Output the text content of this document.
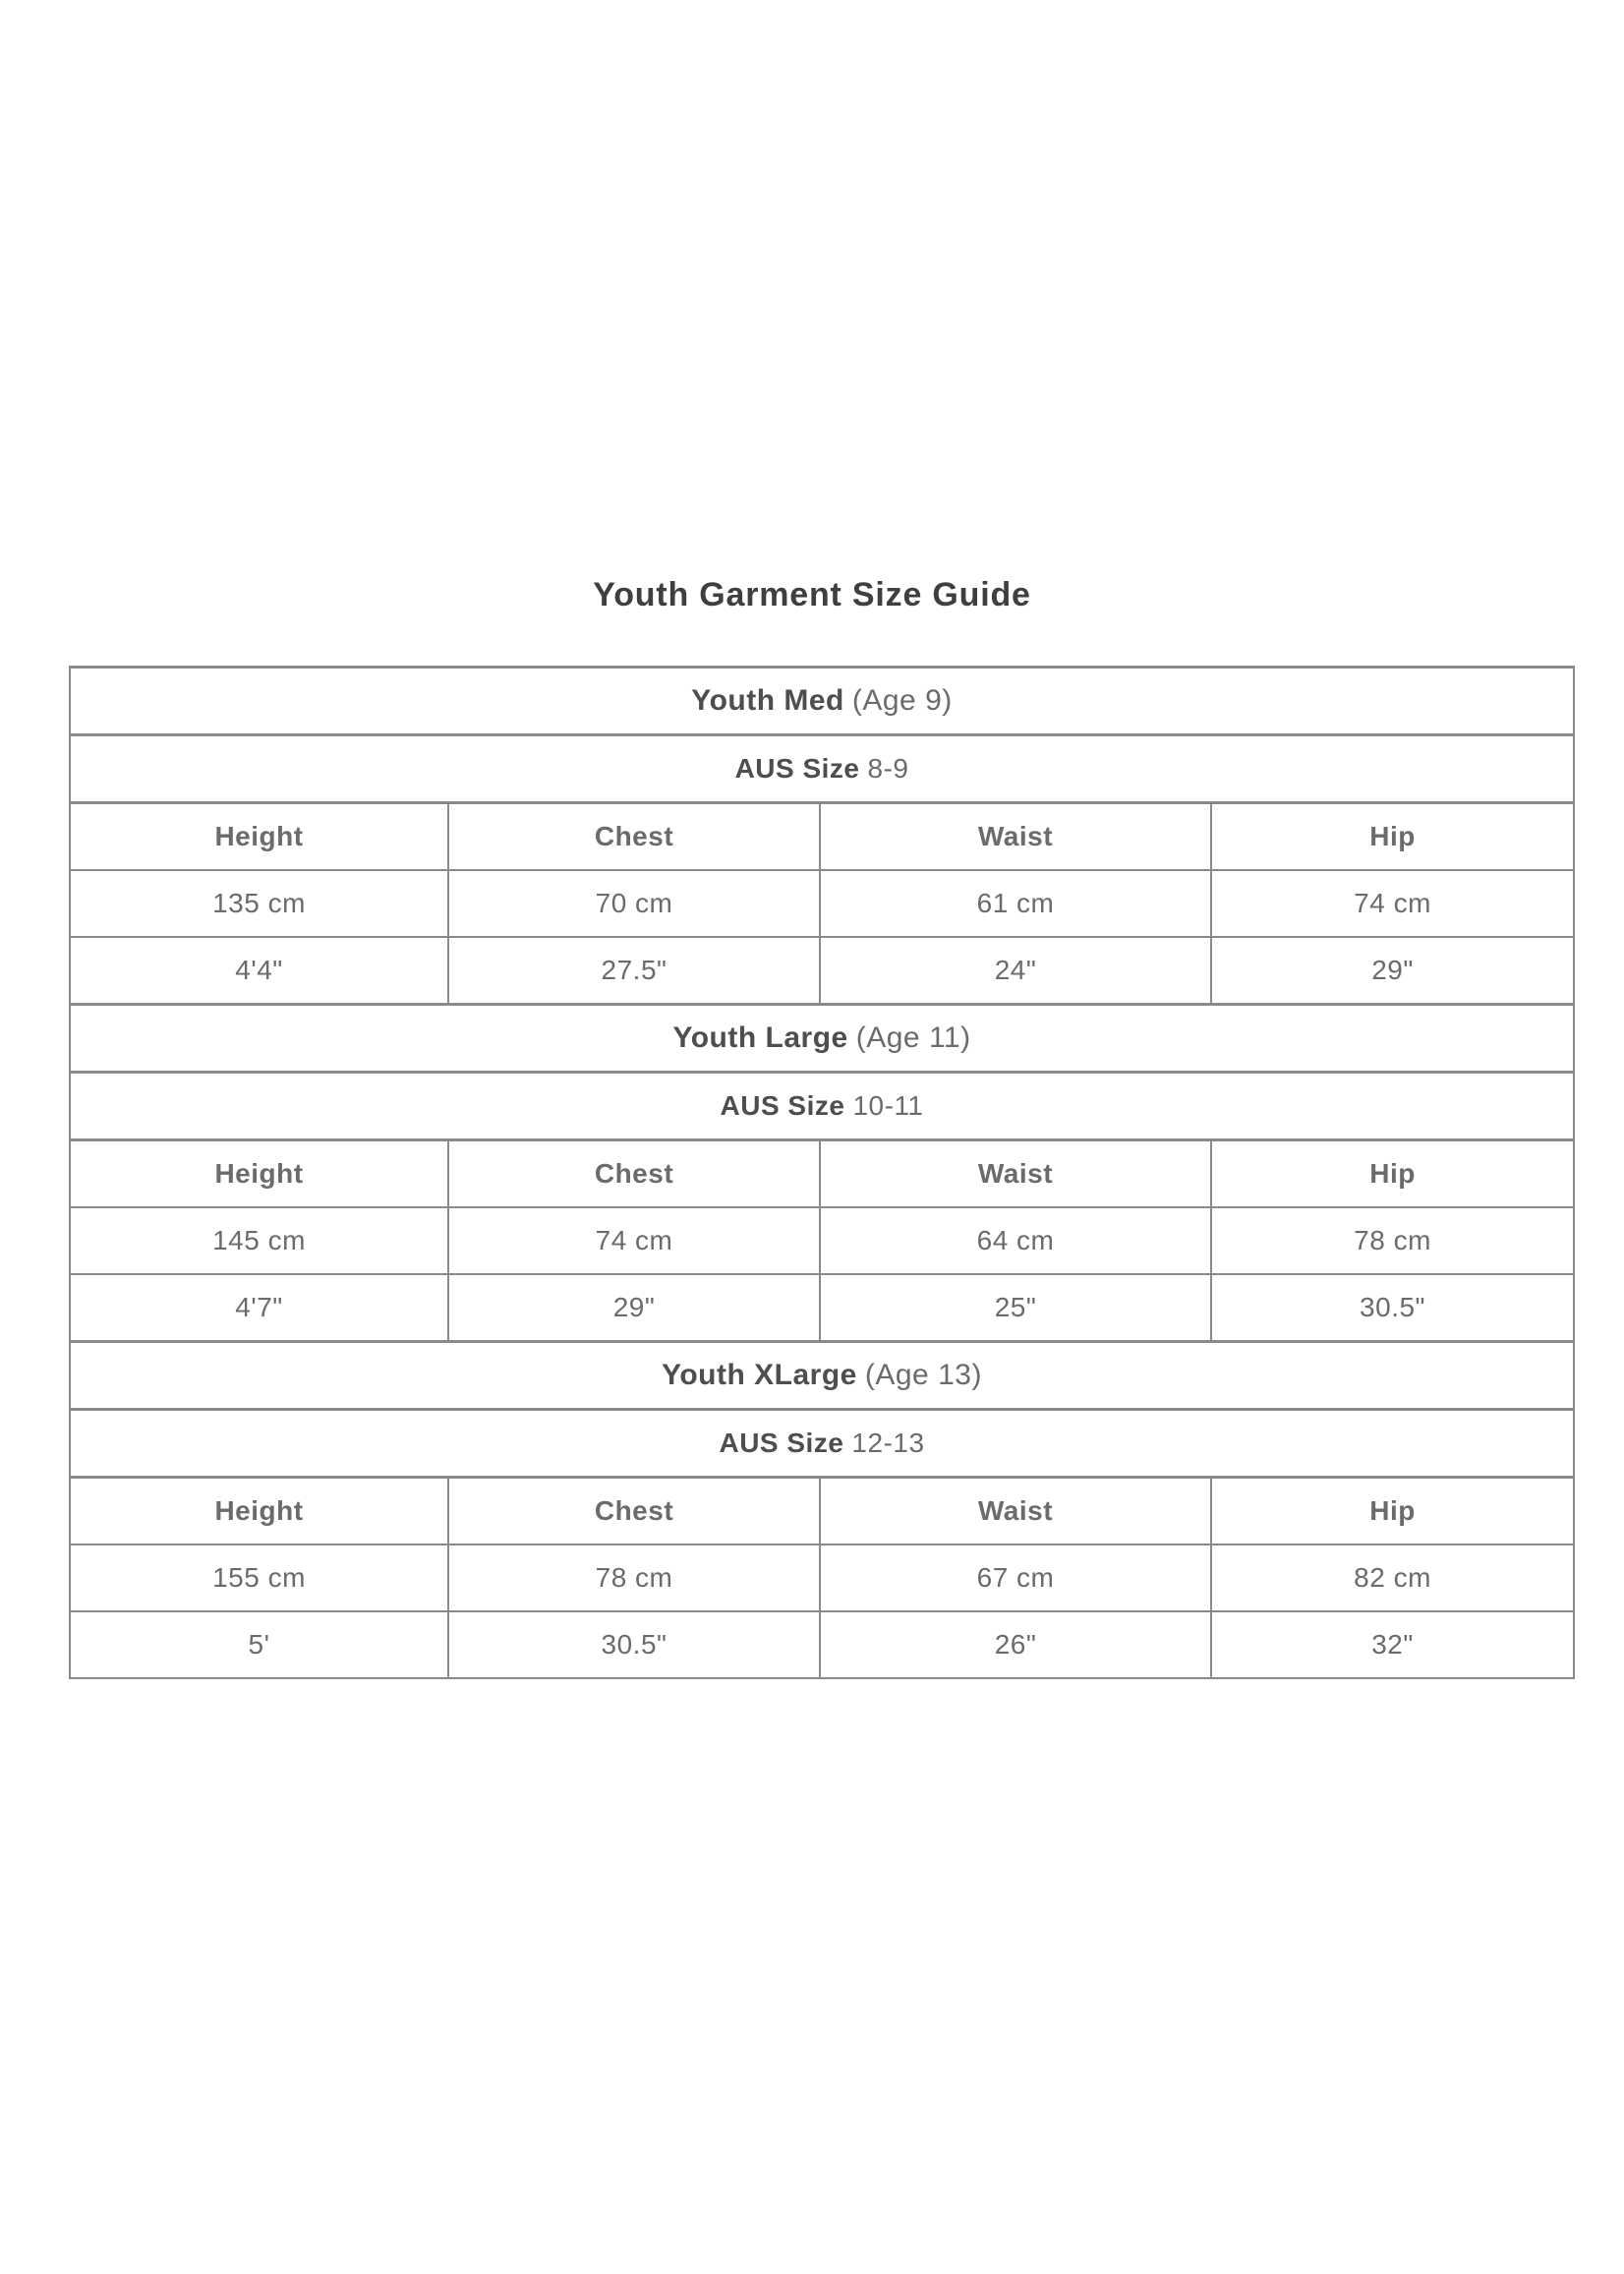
Youth Garment Size Guide
Youth Med (Age 9)			
AUS Size 8-9			
Height	Chest	Waist	Hip
135 cm	70 cm	61 cm	74 cm
4'4"	27.5"	24"	29"
Youth Large (Age 11)			
AUS Size 10-11			
Height	Chest	Waist	Hip
145 cm	74 cm	64 cm	78 cm
4'7"	29"	25"	30.5"
Youth XLarge (Age 13)			
AUS Size 12-13			
Height	Chest	Waist	Hip
155 cm	78 cm	67 cm	82 cm
5'	30.5"	26"	32"
